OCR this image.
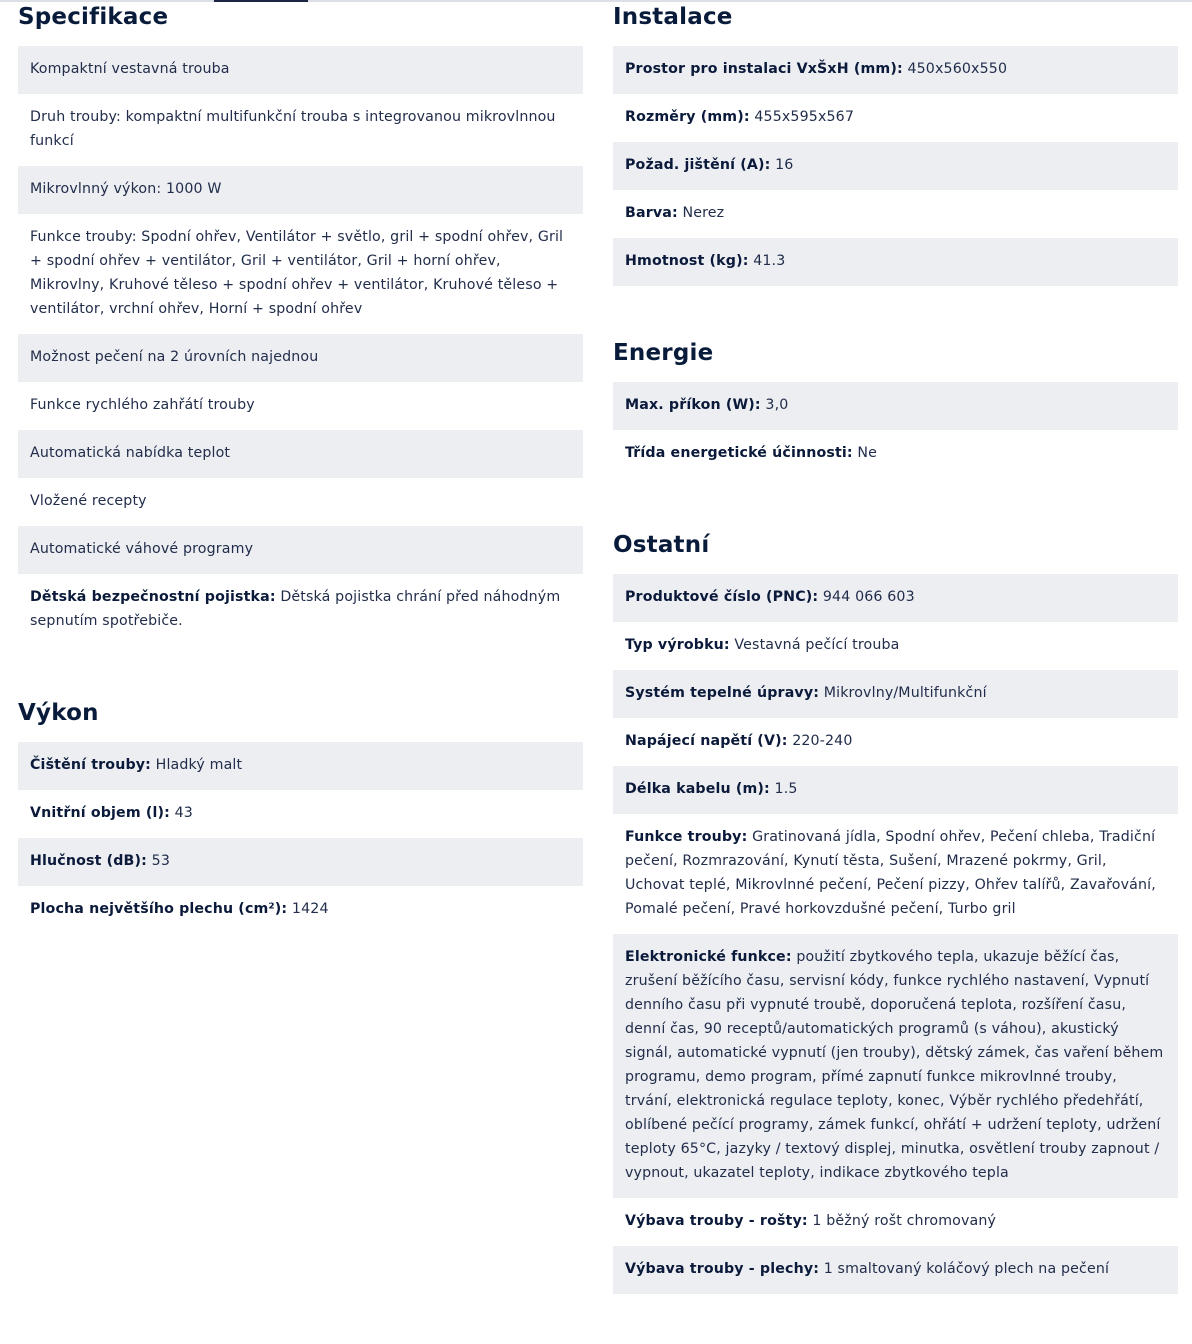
Specifikace
Kompaktní vestavná trouba
Druh trouby: kompaktní multifunkční trouba s integrovanou mikrovlnnou funkcí
Mikrovlnný výkon: 1000 W
Funkce trouby: Spodní ohřev, Ventilátor + světlo, gril + spodní ohřev, Gril + spodní ohřev + ventilátor, Gril + ventilátor, Gril + horní ohřev, Mikrovlny, Kruhové těleso + spodní ohřev + ventilátor, Kruhové těleso + ventilátor, vrchní ohřev, Horní + spodní ohřev
Možnost pečení na 2 úrovních najednou
Funkce rychlého zahřátí trouby
Automatická nabídka teplot
Vložené recepty
Automatické váhové programy
Dětská bezpečnostní pojistka: Dětská pojistka chrání před náhodným sepnutím spotřebiče.
Výkon
Čištění trouby: Hladký malt
Vnitřní objem (l): 43
Hlučnost (dB): 53
Plocha největšího plechu (cm²): 1424
Instalace
Prostor pro instalaci VxŠxH (mm): 450x560x550
Rozměry (mm): 455x595x567
Požad. jištění (A): 16
Barva: Nerez
Hmotnost (kg): 41.3
Energie
Max. příkon (W): 3,0
Třída energetické účinnosti: Ne
Ostatní
Produktové číslo (PNC): 944 066 603
Typ výrobku: Vestavná pečící trouba
Systém tepelné úpravy: Mikrovlny/Multifunkční
Napájecí napětí (V): 220-240
Délka kabelu (m): 1.5
Funkce trouby: Gratinovaná jídla, Spodní ohřev, Pečení chleba, Tradiční pečení, Rozmrazování, Kynutí těsta, Sušení, Mrazené pokrmy, Gril, Uchovat teplé, Mikrovlnné pečení, Pečení pizzy, Ohřev talířů, Zavařování, Pomalé pečení, Pravé horkovzdušné pečení, Turbo gril
Elektronické funkce: použití zbytkového tepla, ukazuje běžící čas, zrušení běžícího času, servisní kódy, funkce rychlého nastavení, Vypnutí denního času při vypnuté troubě, doporučená teplota, rozšíření času, denní čas, 90 receptů/automatických programů (s váhou), akustický signál, automatické vypnutí (jen trouby), dětský zámek, čas vaření během programu, demo program, přímé zapnutí funkce mikrovlnné trouby, trvání, elektronická regulace teploty, konec, Výběr rychlého předehřátí, oblíbené pečící programy, zámek funkcí, ohřátí + udržení teploty, udržení teploty 65°C, jazyky / textový displej, minutka, osvětlení trouby zapnout / vypnout, ukazatel teploty, indikace zbytkového tepla
Výbava trouby - rošty: 1 běžný rošt chromovaný
Výbava trouby - plechy: 1 smaltovaný koláčový plech na pečení
